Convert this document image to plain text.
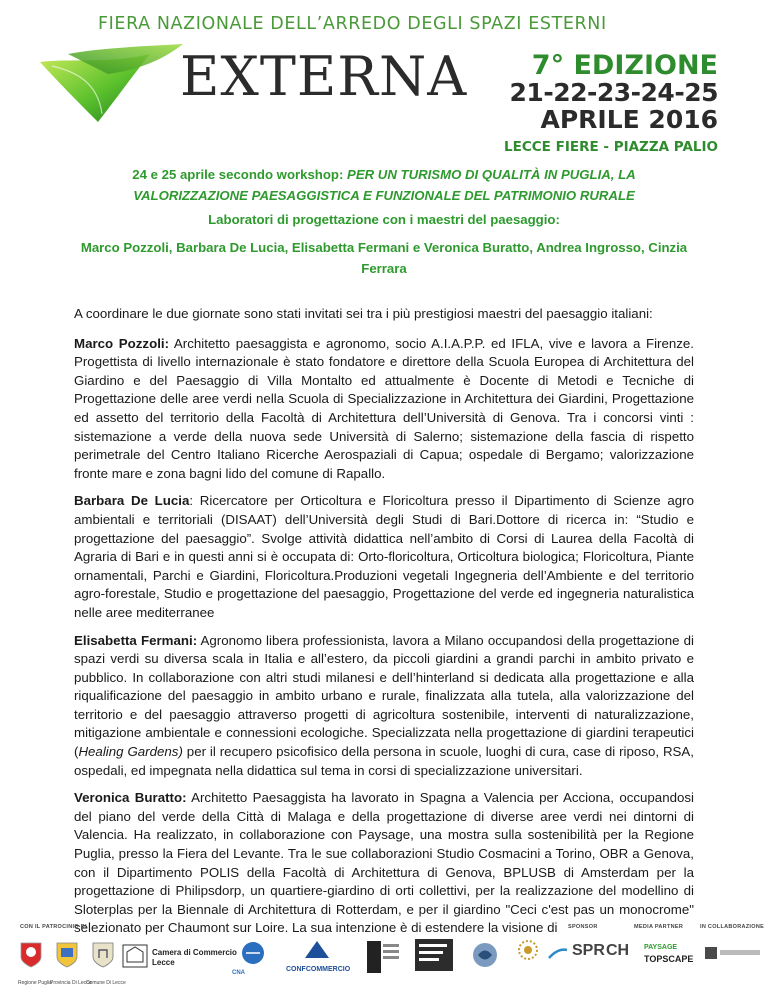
FIERA NAZIONALE DELL’ARREDO DEGLI SPAZI ESTERNI
EXTERNA	7° EDIZIONE
21-22-23-24-25
APRILE 2016
LECCE FIERE - PIAZZA PALIO
24 e 25 aprile secondo workshop: PER UN TURISMO DI QUALITÀ IN PUGLIA, LA VALORIZZAZIONE PAESAGGISTICA E FUNZIONALE DEL PATRIMONIO RURALE
Laboratori di progettazione con i maestri del paesaggio:
Marco Pozzoli, Barbara De Lucia, Elisabetta Fermani e Veronica Buratto, Andrea Ingrosso, Cinzia Ferrara

A coordinare le due giornate sono stati invitati sei tra i più prestigiosi maestri del paesaggio italiani:

Marco Pozzoli: Architetto paesaggista e agronomo, socio A.I.A.P.P. ed IFLA, vive e lavora a Firenze. Progettista di livello internazionale è stato fondatore e direttore della Scuola Europea di Architettura del Giardino e del Paesaggio di Villa Montalto ed attualmente è Docente di Metodi e Tecniche di Progettazione delle aree verdi nella Scuola di Specializzazione in Architettura dei Giardini, Progettazione ed assetto del territorio della Facoltà di Architettura dell’Università di Genova. Tra i concorsi vinti : sistemazione a verde della nuova sede Università di Salerno; sistemazione della fascia di rispetto perimetrale del Centro Italiano Ricerche Aerospaziali di Capua; ospedale di Bergamo; valorizzazione fronte mare e zona bagni lido del comune di Rapallo.

Barbara De Lucia: Ricercatore per Orticoltura e Floricoltura presso il Dipartimento di Scienze agro ambientali e territoriali (DISAAT) dell’Università degli Studi di Bari.Dottore di ricerca in: “Studio e progettazione del paesaggio”. Svolge attività didattica nell’ambito di Corsi di Laurea della Facoltà di Agraria di Bari e in questi anni si è occupata di: Orto-floricoltura, Orticoltura biologica; Floricoltura, Piante ornamentali, Parchi e Giardini, Floricoltura.Produzioni vegetali Ingegneria dell’Ambiente e del territorio agro-forestale, Studio e progettazione del paesaggio, Progettazione del verde ed ingegneria naturalistica nelle aree mediterranee

Elisabetta Fermani: Agronomo libera professionista, lavora a Milano occupandosi della progettazione di spazi verdi su diversa scala in Italia e all’estero, da piccoli giardini a grandi parchi in ambito privato e pubblico. In collaborazione con altri studi milanesi e dell’hinterland si dedicata alla progettazione e alla riqualificazione del paesaggio in ambito urbano e rurale, finalizzata alla tutela, alla valorizzazione del territorio e del paesaggio attraverso progetti di agricoltura sostenibile, interventi di naturalizzazione, mitigazione ambientale e connessioni ecologiche. Specializzata nella progettazione di giardini terapeutici (Healing Gardens) per il recupero psicofisico della persona in scuole, luoghi di cura, case di riposo, RSA, ospedali, ed impegnata nella didattica sul tema in corsi di specializzazione universitari.

Veronica Buratto: Architetto Paesaggista ha lavorato in Spagna a Valencia per Acciona, occupandosi del piano del verde della Città di Malaga e della progettazione di diverse aree verdi nei dintorni di Valencia. Ha realizzato, in collaborazione con Paysage, una mostra sulla sostenibilità per la Regione Puglia, presso la Fiera del Levante. Tra le sue collaborazioni Studio Cosmacini a Torino, OBR a Genova, con il Dipartimento POLIS della Facoltà di Architettura di Genova, BPLUSB di Amsterdam per la progettazione di Philipsdorp, un quartiere-giardino di orti collettivi, per la realizzazione del modellino di Sloterplas per la Biennale di Architettura di Rotterdam, e per il giardino "Ceci c'est pas un monocrome" selezionato per Chaumont sur Loire. La sua intenzione è di estendere la visione di

CON IL PATROCINIO DI	SPONSOR	MEDIA PARTNER	IN COLLABORAZIONE
Regione Puglia
Provincia Di Lecce
Comune Di Lecce
Camera di Commercio
Lecce
CNA	CONFCOMMERCIO
SPR CH PAYSAGE
TOPSCAPE
